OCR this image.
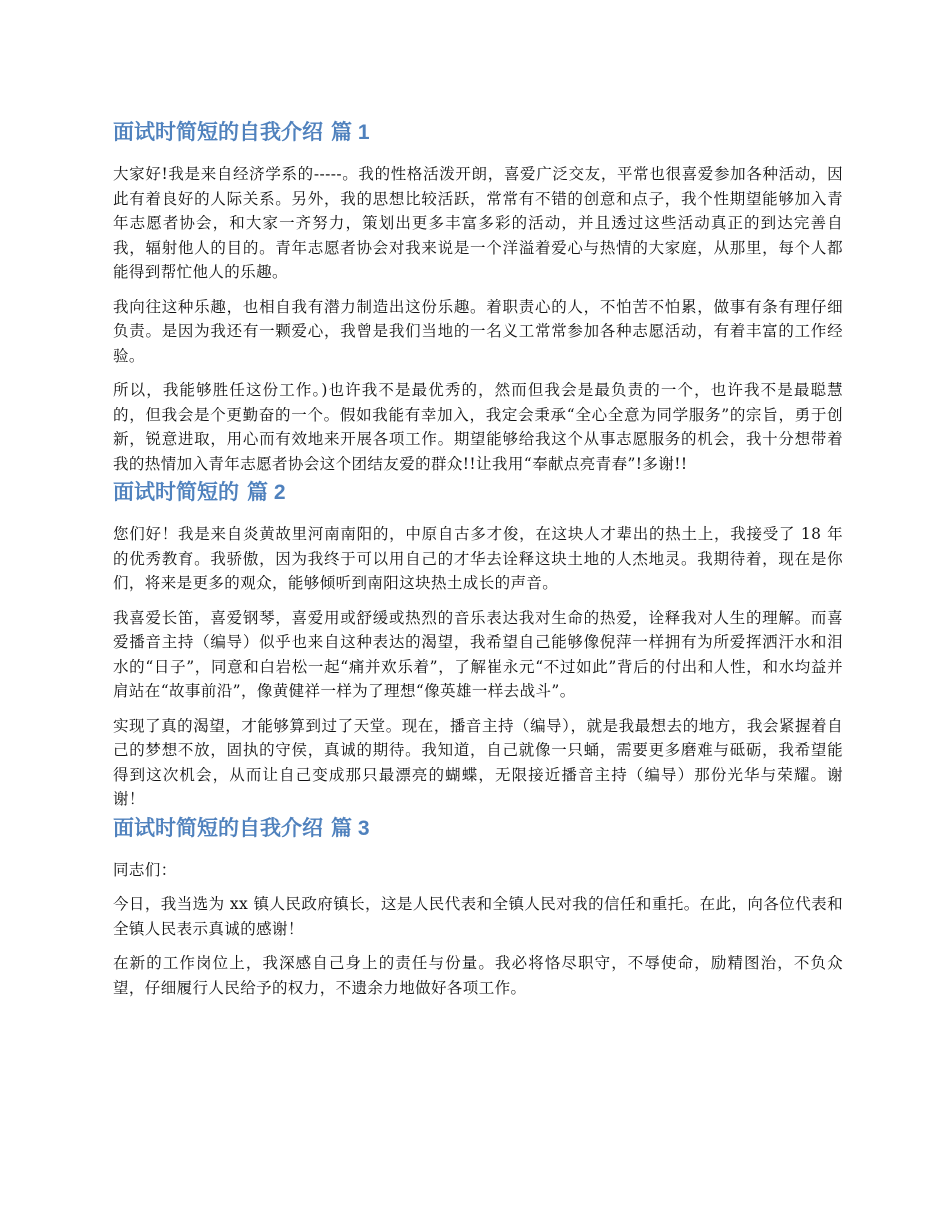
面试时简短的自我介绍 篇 1

大家好!我是来自经济学系的-----。我的性格活泼开朗，喜爱广泛交友，平常也很喜爱参加各种活动，因此有着良好的人际关系。另外，我的思想比较活跃，常常有不错的创意和点子，我个性期望能够加入青年志愿者协会，和大家一齐努力，策划出更多丰富多彩的活动，并且透过这些活动真正的到达完善自我，辐射他人的目的。青年志愿者协会对我来说是一个洋溢着爱心与热情的大家庭，从那里，每个人都能得到帮忙他人的乐趣。

我向往这种乐趣，也相自我有潜力制造出这份乐趣。着职责心的人，不怕苦不怕累，做事有条有理仔细负责。是因为我还有一颗爱心，我曾是我们当地的一名义工常常参加各种志愿活动，有着丰富的工作经验。

所以，我能够胜任这份工作。)也许我不是最优秀的，然而但我会是最负责的一个，也许我不是最聪慧的，但我会是个更勤奋的一个。假如我能有幸加入，我定会秉承“全心全意为同学服务”的宗旨，勇于创新，锐意进取，用心而有效地来开展各项工作。期望能够给我这个从事志愿服务的机会，我十分想带着我的热情加入青年志愿者协会这个团结友爱的群众!!让我用“奉献点亮青春”!多谢!!

面试时简短的 篇 2

您们好！我是来自炎黄故里河南南阳的，中原自古多才俊，在这块人才辈出的热土上，我接受了 18 年的优秀教育。我骄傲，因为我终于可以用自己的才华去诠释这块土地的人杰地灵。我期待着，现在是你们，将来是更多的观众，能够倾听到南阳这块热土成长的声音。

我喜爱长笛，喜爱钢琴，喜爱用或舒缓或热烈的音乐表达我对生命的热爱，诠释我对人生的理解。而喜爱播音主持（编导）似乎也来自这种表达的渴望，我希望自己能够像倪萍一样拥有为所爱挥洒汗水和泪水的“日子”，同意和白岩松一起“痛并欢乐着”，了解崔永元“不过如此”背后的付出和人性，和水均益并肩站在“故事前沿”，像黄健祥一样为了理想“像英雄一样去战斗”。

实现了真的渴望，才能够算到过了天堂。现在，播音主持（编导），就是我最想去的地方，我会紧握着自己的梦想不放，固执的守侯，真诚的期待。我知道，自己就像一只蛹，需要更多磨难与砥砺，我希望能得到这次机会，从而让自己变成那只最漂亮的蝴蝶，无限接近播音主持（编导）那份光华与荣耀。谢谢！

面试时简短的自我介绍 篇 3

同志们：

今日，我当选为 xx 镇人民政府镇长，这是人民代表和全镇人民对我的信任和重托。在此，向各位代表和全镇人民表示真诚的感谢！

在新的工作岗位上，我深感自己身上的责任与份量。我必将恪尽职守，不辱使命，励精图治，不负众望，仔细履行人民给予的权力，不遗余力地做好各项工作。
